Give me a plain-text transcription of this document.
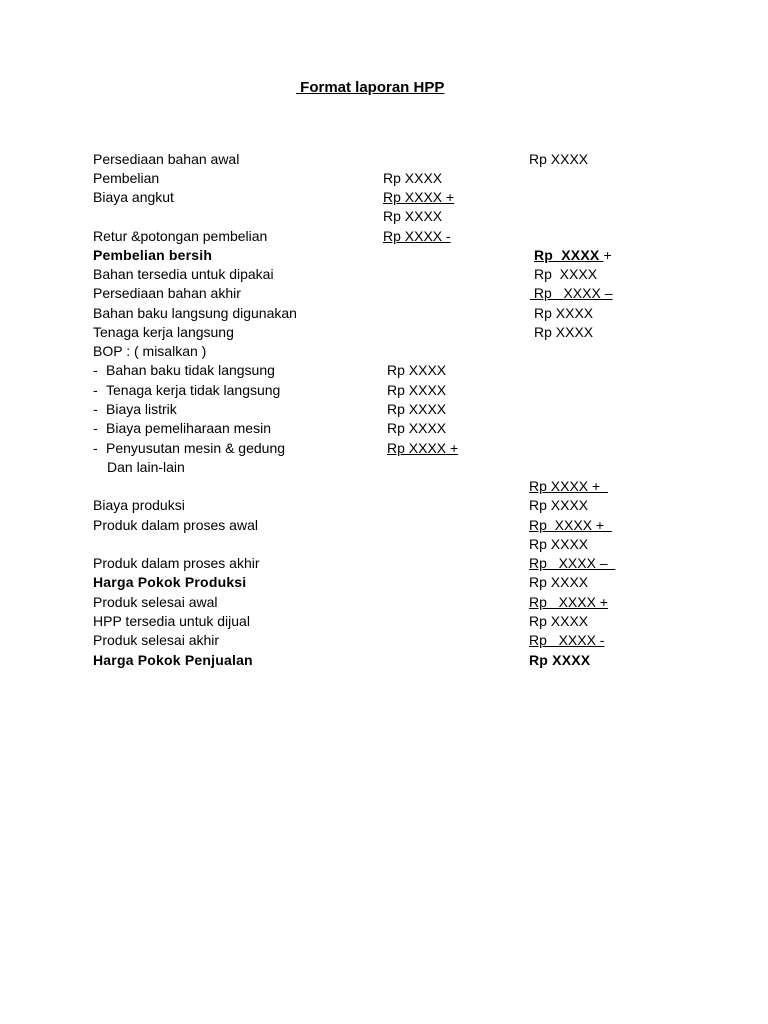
Format laporan HPP
Persediaan bahan awal	Rp XXXX
Pembelian	Rp XXXX
Biaya angkut	Rp XXXX +
Rp XXXX
Retur &potongan pembelian	Rp XXXX -
Pembelian bersih	Rp  XXXX +
Bahan tersedia untuk dipakai	Rp  XXXX
Persediaan bahan akhir	Rp   XXXX –
Bahan baku langsung digunakan	Rp XXXX
Tenaga kerja langsung	Rp XXXX
BOP : ( misalkan )
- Bahan baku tidak langsung	Rp XXXX
- Tenaga kerja tidak langsung	Rp XXXX
- Biaya listrik	Rp XXXX
- Biaya pemeliharaan mesin	Rp XXXX
- Penyusutan mesin & gedung	Rp XXXX +
Dan lain-lain
Rp XXXX +
Biaya produksi	Rp XXXX
Produk dalam proses awal	Rp  XXXX +
Rp XXXX
Produk dalam proses akhir	Rp   XXXX –
Harga Pokok Produksi	Rp XXXX
Produk selesai awal	Rp   XXXX +
HPP tersedia untuk dijual	Rp XXXX
Produk selesai akhir	Rp   XXXX -
Harga Pokok Penjualan	Rp XXXX
